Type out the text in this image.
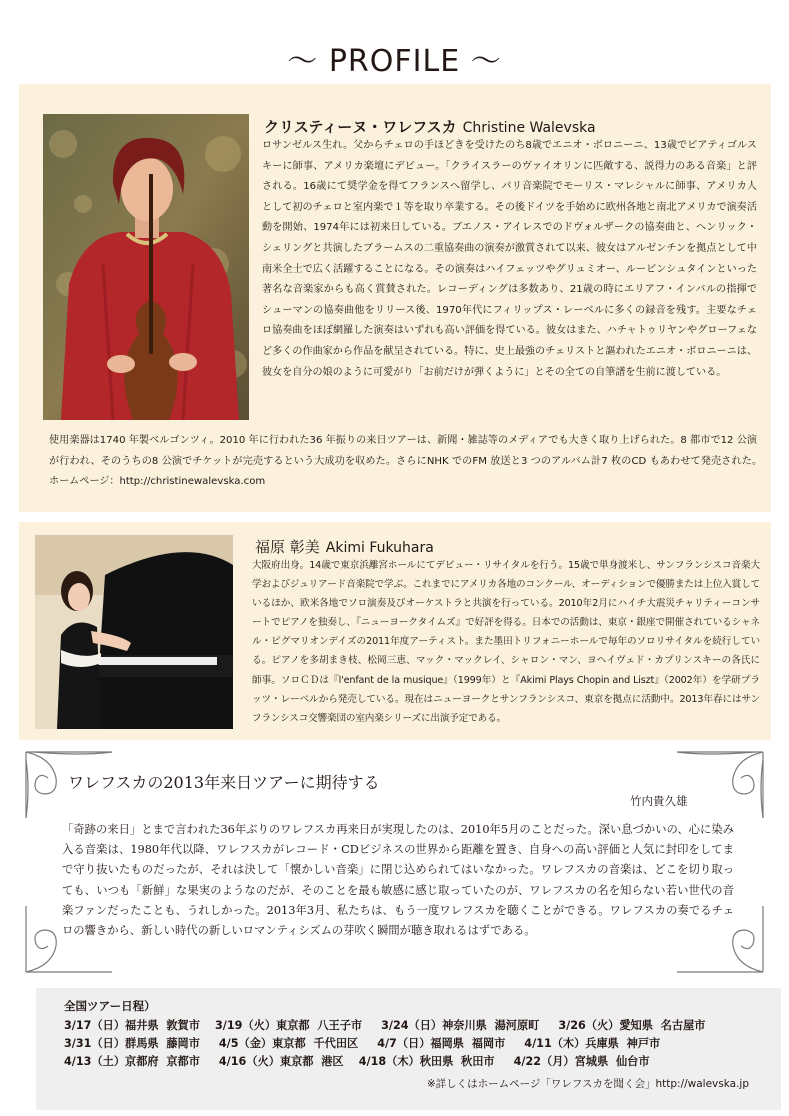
～ PROFILE ～
クリスティーヌ・ワレフスカ Christine Walevska
ロサンゼルス生れ。父からチェロの手ほどきを受けたのち8歳でエニオ・ボロニーニ、13歳でピアティゴルスキーに師事、アメリカ楽壇にデビュー。「クライスラーのヴァイオリンに匹敵する、説得力のある音楽」と評される。16歳にて奨学金を得てフランスへ留学し、パリ音楽院でモーリス・マレシャルに師事、アメリカ人として初のチェロと室内楽で１等を取り卒業する。その後ドイツを手始めに欧州各地と南北アメリカで演奏活動を開始、1974年には初来日している。ブエノス・アイレスでのドヴォルザークの協奏曲と、ヘンリック・シェリングと共演したブラームスの二重協奏曲の演奏が激賞されて以来、彼女はアルゼンチンを拠点として中南米全土で広く活躍することになる。その演奏はハイフェッツやグリュミオー、ルービンシュタインといった著名な音楽家からも高く賞賛された。レコーディングは多数あり、21歳の時にエリアフ・インバルの指揮でシューマンの協奏曲他をリリース後、1970年代にフィリップス・レーベルに多くの録音を残す。主要なチェロ協奏曲をほぼ網羅した演奏はいずれも高い評価を得ている。彼女はまた、ハチャトゥリヤンやグローフェなど多くの作曲家から作品を献呈されている。特に、史上最強のチェリストと謳われたエニオ・ボロニーニは、彼女を自分の娘のように可愛がり「お前だけが弾くように」とその全ての自筆譜を生前に渡している。
使用楽器は1740 年製ベルゴンツィ。2010 年に行われた36 年振りの来日ツアーは、新聞・雑誌等のメディアでも大きく取り上げられた。8 都市で12 公演が行われ、そのうちの8 公演でチケットが完売するという大成功を収めた。さらにNHK でのFM 放送と3 つのアルバム計7 枚のCD もあわせて発売された。　ホームページ：http://christinewalevska.com
福原 彰美 Akimi Fukuhara
大阪府出身。14歳で東京浜離宮ホールにてデビュー・リサイタルを行う。15歳で単身渡米し、サンフランシスコ音楽大学およびジュリアード音楽院で学ぶ。これまでにアメリカ各地のコンクール、オーディションで優勝または上位入賞しているほか、欧米各地でソロ演奏及びオーケストラと共演を行っている。2010年2月にハイチ大震災チャリティーコンサートでピアノを独奏し、『ニューヨークタイムズ』で好評を得る。日本での活動は、東京・銀座で開催されているシャネル・ピグマリオンデイズの2011年度アーティスト。また墨田トリフォニーホールで毎年のソロリサイタルを続行している。ピアノを多胡まき枝、松岡三恵、マック・マックレイ、シャロン・マン、ヨヘイヴェド・カプリンスキーの各氏に　師事。ソロＣＤは『l'enfant de la musique』（1999年）と『Akimi Plays Chopin and Liszt』（2002年）を学研プラッツ・レーベルから発売している。現在はニューヨークとサンフランシスコ、東京を拠点に活動中。2013年春にはサンフランシスコ交響楽団の室内楽シリーズに出演予定である。
ワレフスカの2013年来日ツアーに期待する
竹内貴久雄
「奇跡の来日」とまで言われた36年ぶりのワレフスカ再来日が実現したのは、2010年5月のことだった。深い息づかいの、心に染み入る音楽は、1980年代以降、ワレフスカがレコード・CDビジネスの世界から距離を置き、自身への高い評価と人気に封印をしてまで守り抜いたものだったが、それは決して「懐かしい音楽」に閉じ込められてはいなかった。ワレフスカの音楽は、どこを切り取っても、いつも「新鮮」な果実のようなのだが、そのことを最も敏感に感じ取っていたのが、ワレフスカの名を知らない若い世代の音楽ファンだったことも、うれしかった。2013年3月、私たちは、もう一度ワレフスカを聴くことができる。ワレフスカの奏でるチェロの響きから、新しい時代の新しいロマンティシズムの芽吹く瞬間が聴き取れるはずである。
全国ツアー日程）
3/17（日）福井県  敦賀市　 3/19（火）東京都  八王子市　  3/24（日）神奈川県  湯河原町　  3/26（火）愛知県  名古屋市
3/31（日）群馬県  藤岡市　  4/5（金）東京都  千代田区　  4/7（日）福岡県  福岡市　  4/11（木）兵庫県  神戸市
4/13（土）京都府  京都市　  4/16（火）東京都  港区　 4/18（木）秋田県  秋田市　  4/22（月）宮城県  仙台市
※詳しくはホームページ「ワレフスカを聞く会」http://walevska.jp
